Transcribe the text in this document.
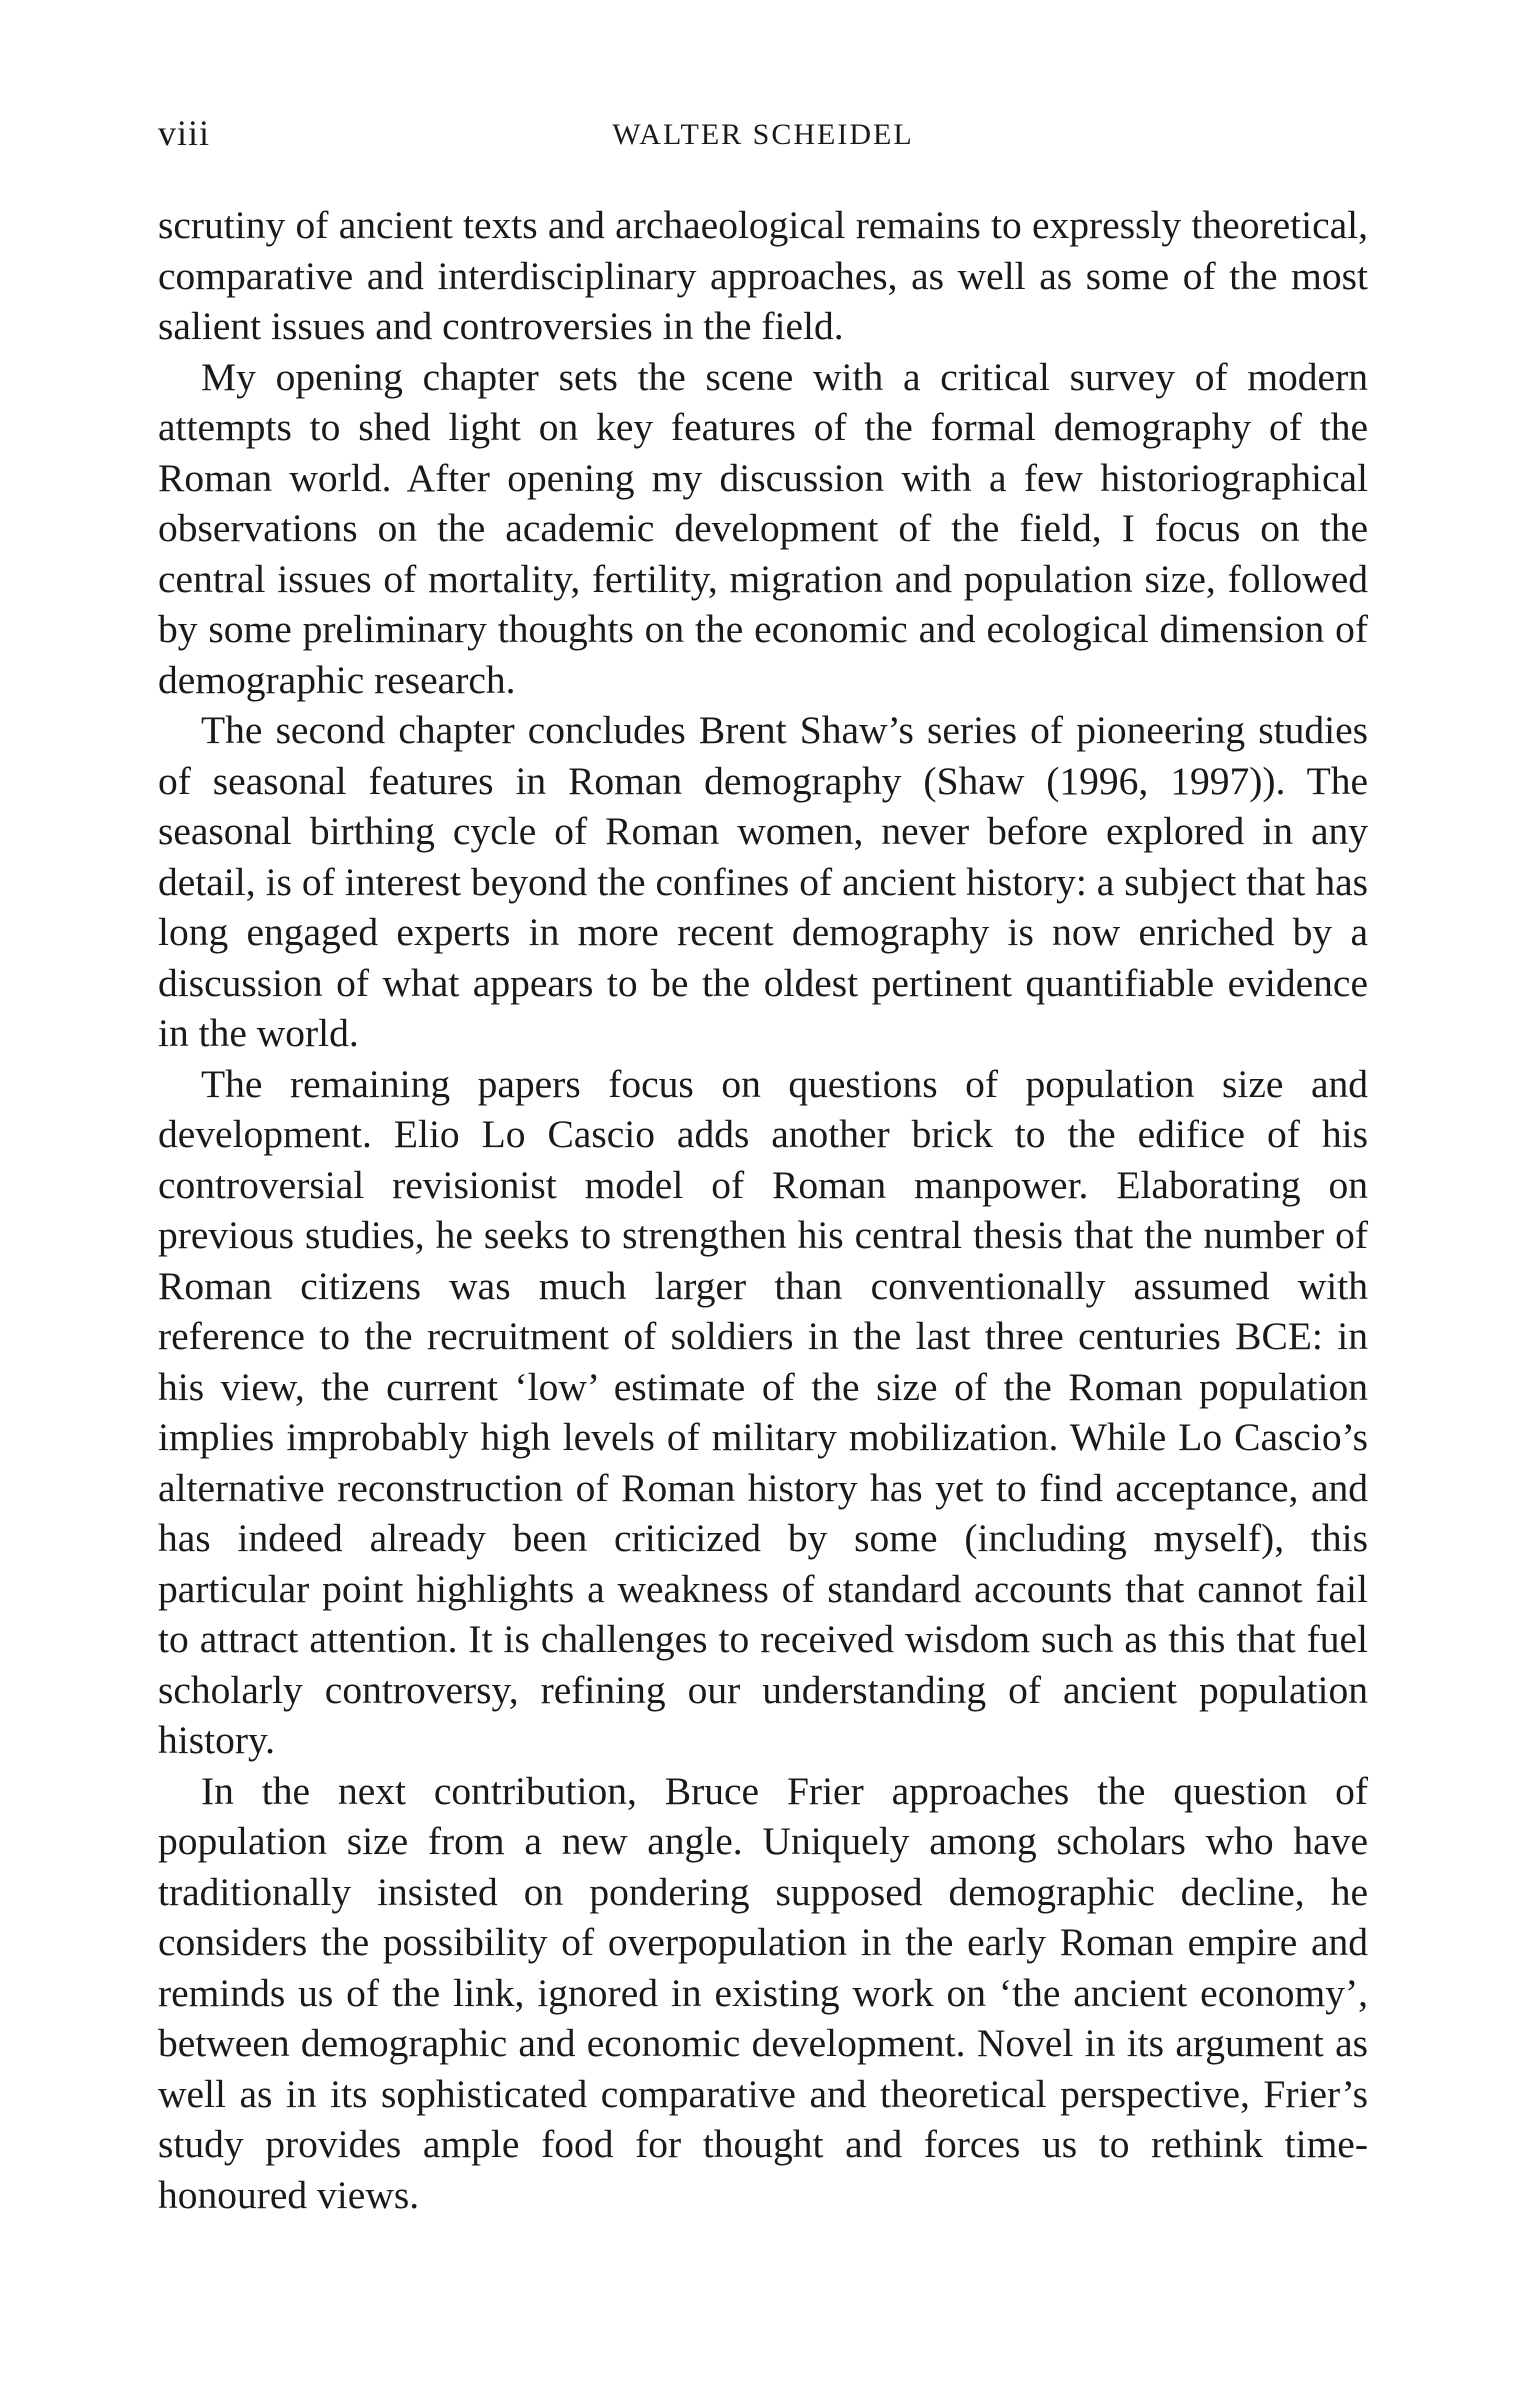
viii	WALTER SCHEIDEL

scrutiny of ancient texts and archaeological remains to expressly theoretical, comparative and interdisciplinary approaches, as well as some of the most salient issues and controversies in the field.

My opening chapter sets the scene with a critical survey of modern attempts to shed light on key features of the formal demography of the Roman world. After opening my discussion with a few historiographical observations on the academic development of the field, I focus on the central issues of mortality, fertility, migration and population size, followed by some preliminary thoughts on the economic and ecological dimension of demographic research.

The second chapter concludes Brent Shaw’s series of pioneering studies of seasonal features in Roman demography (Shaw (1996, 1997)). The seasonal birthing cycle of Roman women, never before explored in any detail, is of interest beyond the confines of ancient history: a subject that has long engaged experts in more recent demography is now enriched by a discussion of what appears to be the oldest pertinent quantifiable evidence in the world.

The remaining papers focus on questions of population size and development. Elio Lo Cascio adds another brick to the edifice of his controversial revisionist model of Roman manpower. Elaborating on previous studies, he seeks to strengthen his central thesis that the number of Roman citizens was much larger than conventionally assumed with reference to the recruitment of soldiers in the last three centuries BCE: in his view, the current ‘low’ estimate of the size of the Roman population implies improbably high levels of military mobilization. While Lo Cascio’s alternative reconstruction of Roman history has yet to find acceptance, and has indeed already been criticized by some (including myself), this particular point highlights a weakness of standard accounts that cannot fail to attract attention. It is challenges to received wisdom such as this that fuel scholarly controversy, refining our understanding of ancient population history.

In the next contribution, Bruce Frier approaches the question of population size from a new angle. Uniquely among scholars who have traditionally insisted on pondering supposed demographic decline, he considers the possibility of overpopulation in the early Roman empire and reminds us of the link, ignored in existing work on ‘the ancient economy’, between demographic and economic development. Novel in its argument as well as in its sophisticated comparative and theoretical perspective, Frier’s study provides ample food for thought and forces us to rethink time-honoured views.
